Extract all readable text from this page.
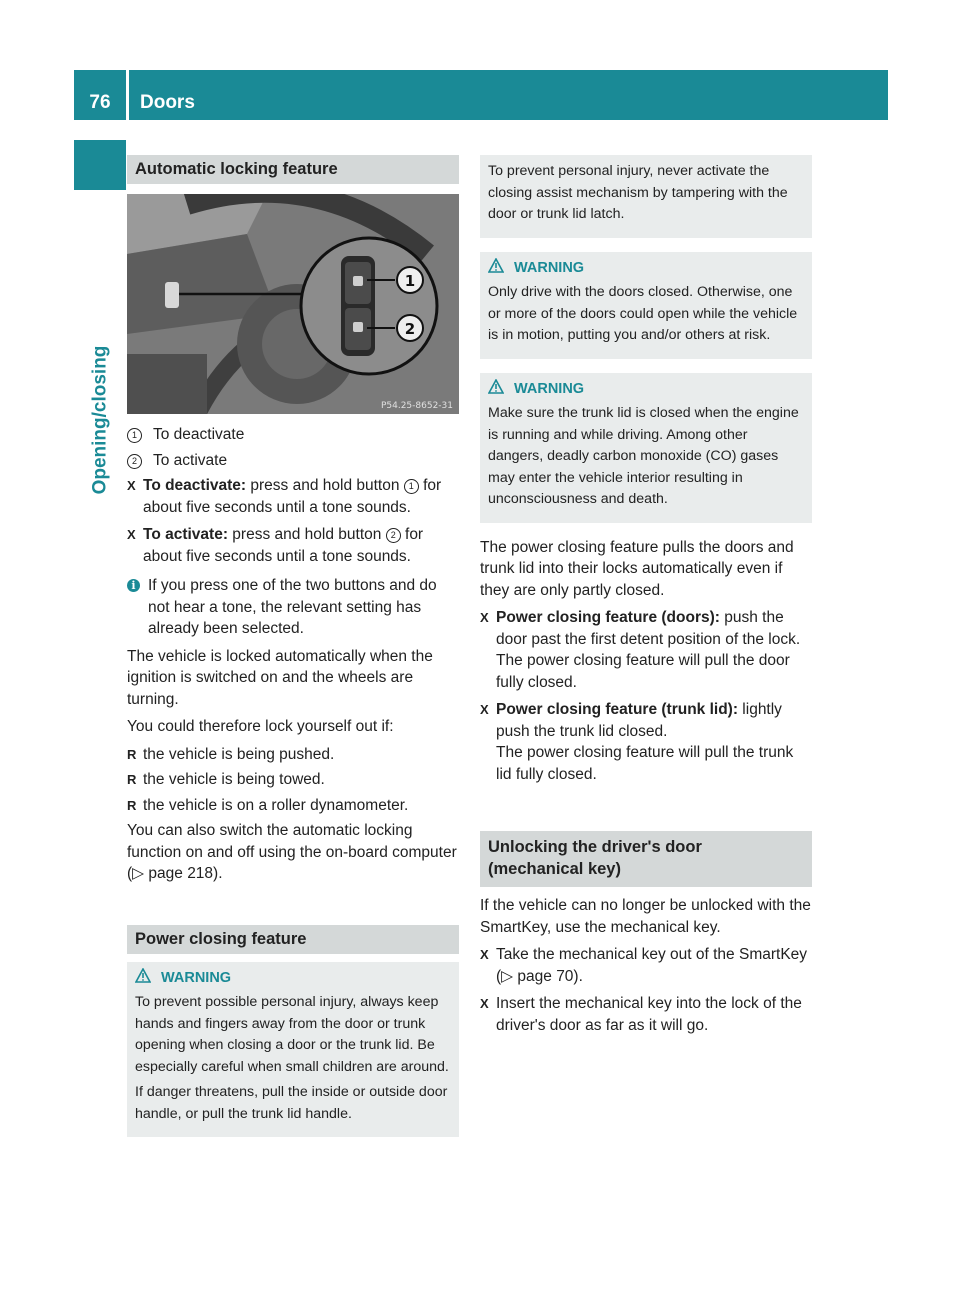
76	Doors
Opening/closing
Automatic locking feature
1
2
P54.25-8652-31
1	To deactivate
2	To activate
X To deactivate: press and hold button 1 for about five seconds until a tone sounds.
X To activate: press and hold button 2 for about five seconds until a tone sounds.
i If you press one of the two buttons and do not hear a tone, the relevant setting has already been selected.

The vehicle is locked automatically when the ignition is switched on and the wheels are turning.

You could therefore lock yourself out if:

R the vehicle is being pushed.
R the vehicle is being towed.
R the vehicle is on a roller dynamometer.

You can also switch the automatic locking function on and off using the on-board computer (▷ page 218).

Power closing feature
WARNING

To prevent possible personal injury, always keep hands and fingers away from the door or trunk opening when closing a door or the trunk lid. Be especially careful when small children are around.

If danger threatens, pull the inside or outside door handle, or pull the trunk lid handle.

To prevent personal injury, never activate the closing assist mechanism by tampering with the door or trunk lid latch.

WARNING

Only drive with the doors closed. Otherwise, one or more of the doors could open while the vehicle is in motion, putting you and/or others at risk.

WARNING

Make sure the trunk lid is closed when the engine is running and while driving. Among other dangers, deadly carbon monoxide (CO) gases may enter the vehicle interior resulting in unconsciousness and death.

The power closing feature pulls the doors and trunk lid into their locks automatically even if they are only partly closed.

X Power closing feature (doors): push the door past the first detent position of the lock.
The power closing feature will pull the door fully closed.
X Power closing feature (trunk lid): lightly push the trunk lid closed.
The power closing feature will pull the trunk lid fully closed.
Unlocking the driver's door
(mechanical key)

If the vehicle can no longer be unlocked with the SmartKey, use the mechanical key.

X Take the mechanical key out of the SmartKey (▷ page 70).
X Insert the mechanical key into the lock of the driver's door as far as it will go.
